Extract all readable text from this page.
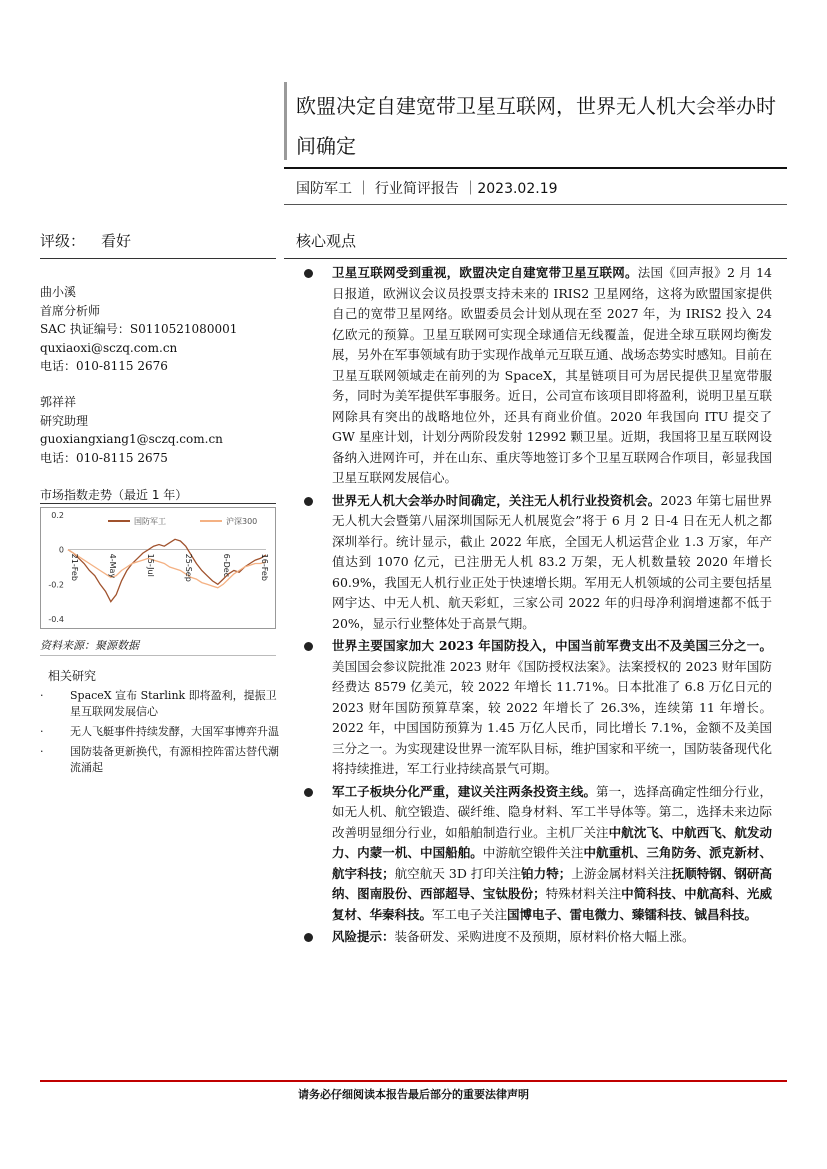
欧盟决定自建宽带卫星互联网，世界无人机大会举办时间确定
国防军工 ｜ 行业简评报告 ｜2023.02.19
评级： 看好	核心观点
曲小溪
首席分析师
SAC 执证编号：S0110521080001
quxiaoxi@sczq.com.cn
电话：010-8115 2676
郭祥祥
研究助理
guoxiangxiang1@sczq.com.cn
电话：010-8115 2675
市场指数走势（最近 1 年）
0.2
0
-0.2
-0.4
国防军工	沪深300
21-Feb	4-May	15-Jul	25-Sep	6-Dec	16-Feb
资料来源：聚源数据
相关研究
· SpaceX 宣布 Starlink 即将盈利，提振卫星互联网发展信心
· 无人飞艇事件持续发酵，大国军事博弈升温
· 国防装备更新换代，有源相控阵雷达替代潮流涌起
卫星互联网受到重视，欧盟决定自建宽带卫星互联网。法国《回声报》2 月 14 日报道，欧洲议会议员投票支持未来的 IRIS2 卫星网络，这将为欧盟国家提供自己的宽带卫星网络。欧盟委员会计划从现在至 2027 年，为 IRIS2 投入 24 亿欧元的预算。卫星互联网可实现全球通信无线覆盖，促进全球互联网均衡发展，另外在军事领域有助于实现作战单元互联互通、战场态势实时感知。目前在卫星互联网领域走在前列的为 SpaceX，其星链项目可为居民提供卫星宽带服务，同时为美军提供军事服务。近日，公司宣布该项目即将盈利，说明卫星互联网除具有突出的战略地位外，还具有商业价值。2020 年我国向 ITU 提交了 GW 星座计划，计划分两阶段发射 12992 颗卫星。近期，我国将卫星互联网设备纳入进网许可，并在山东、重庆等地签订多个卫星互联网合作项目，彰显我国卫星互联网发展信心。
世界无人机大会举办时间确定，关注无人机行业投资机会。2023 年第七届世界无人机大会暨第八届深圳国际无人机展览会”将于 6 月 2 日-4 日在无人机之都深圳举行。统计显示，截止 2022 年底，全国无人机运营企业 1.3 万家，年产值达到 1070 亿元，已注册无人机 83.2 万架，无人机数量较 2020 年增长 60.9%，我国无人机行业正处于快速增长期。军用无人机领域的公司主要包括星网宇达、中无人机、航天彩虹，三家公司 2022 年的归母净利润增速都不低于 20%，显示行业整体处于高景气期。
世界主要国家加大 2023 年国防投入，中国当前军费支出不及美国三分之一。美国国会参议院批准 2023 财年《国防授权法案》。法案授权的 2023 财年国防经费达 8579 亿美元，较 2022 年增长 11.71%。日本批准了 6.8 万亿日元的 2023 财年国防预算草案，较 2022 年增长了 26.3%，连续第 11 年增长。2022 年，中国国防预算为 1.45 万亿人民币，同比增长 7.1%，金额不及美国三分之一。为实现建设世界一流军队目标，维护国家和平统一，国防装备现代化将持续推进，军工行业持续高景气可期。
军工子板块分化严重，建议关注两条投资主线。第一，选择高确定性细分行业，如无人机、航空锻造、碳纤维、隐身材料、军工半导体等。第二，选择未来边际改善明显细分行业，如船舶制造行业。主机厂关注中航沈飞、中航西飞、航发动力、内蒙一机、中国船舶。中游航空锻件关注中航重机、三角防务、派克新材、航宇科技；航空航天 3D 打印关注铂力特；上游金属材料关注抚顺特钢、钢研高纳、图南股份、西部超导、宝钛股份；特殊材料关注中简科技、中航高科、光威复材、华秦科技。军工电子关注国博电子、雷电微力、臻镭科技、铖昌科技。
风险提示：装备研发、采购进度不及预期，原材料价格大幅上涨。
请务必仔细阅读本报告最后部分的重要法律声明
